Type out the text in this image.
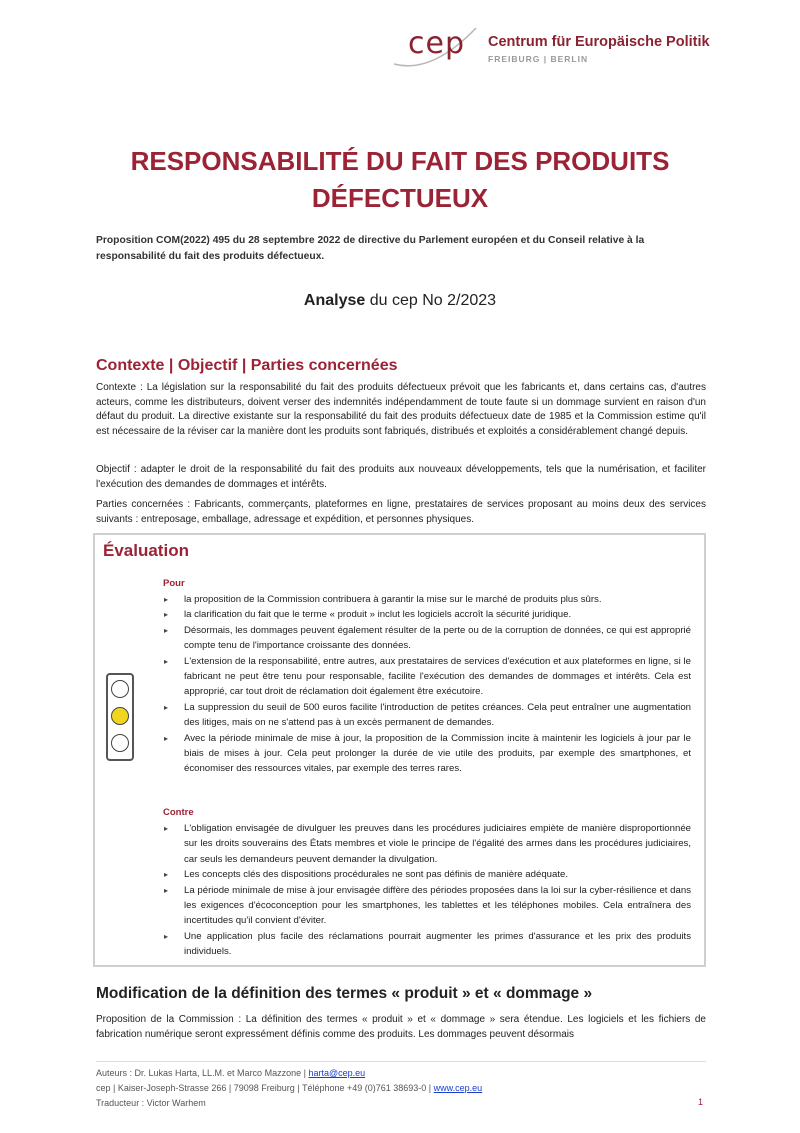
cep Centrum für Europäische Politik
FREIBURG | BERLIN
RESPONSABILITÉ DU FAIT DES PRODUITS
DÉFECTUEUX
Proposition COM(2022) 495 du 28 septembre 2022 de directive du Parlement européen et du Conseil relative à la responsabilité du fait des produits défectueux.
Analyse du cep No 2/2023
Contexte | Objectif | Parties concernées
Contexte : La législation sur la responsabilité du fait des produits défectueux prévoit que les fabricants et, dans certains cas, d'autres acteurs, comme les distributeurs, doivent verser des indemnités indépendamment de toute faute si un dommage survient en raison d'un défaut du produit. La directive existante sur la responsabilité du fait des produits défectueux date de 1985 et la Commission estime qu'il est nécessaire de la réviser car la manière dont les produits sont fabriqués, distribués et exploités a considérablement changé depuis.
Objectif : adapter le droit de la responsabilité du fait des produits aux nouveaux développements, tels que la numérisation, et faciliter l'exécution des demandes de dommages et intérêts.
Parties concernées : Fabricants, commerçants, plateformes en ligne, prestataires de services proposant au moins deux des services suivants : entreposage, emballage, adressage et expédition, et personnes physiques.
Évaluation
Pour
▸ la proposition de la Commission contribuera à garantir la mise sur le marché de produits plus sûrs.
▸ la clarification du fait que le terme « produit » inclut les logiciels accroît la sécurité juridique.
▸ Désormais, les dommages peuvent également résulter de la perte ou de la corruption de données, ce qui est approprié compte tenu de l'importance croissante des données.
▸ L'extension de la responsabilité, entre autres, aux prestataires de services d'exécution et aux plateformes en ligne, si le fabricant ne peut être tenu pour responsable, facilite l'exécution des demandes de dommages et intérêts. Cela est approprié, car tout droit de réclamation doit également être exécutoire.
▸ La suppression du seuil de 500 euros facilite l'introduction de petites créances. Cela peut entraîner une augmentation des litiges, mais on ne s'attend pas à un excès permanent de demandes.
▸ Avec la période minimale de mise à jour, la proposition de la Commission incite à maintenir les logiciels à jour par le biais de mises à jour. Cela peut prolonger la durée de vie utile des produits, par exemple des smartphones, et économiser des ressources vitales, par exemple des terres rares.
Contre
▸ L'obligation envisagée de divulguer les preuves dans les procédures judiciaires empiète de manière disproportionnée sur les droits souverains des États membres et viole le principe de l'égalité des armes dans les procédures judiciaires, car seuls les demandeurs peuvent demander la divulgation.
▸ Les concepts clés des dispositions procédurales ne sont pas définis de manière adéquate.
▸ La période minimale de mise à jour envisagée diffère des périodes proposées dans la loi sur la cyber-résilience et dans les exigences d'écoconception pour les smartphones, les tablettes et les téléphones mobiles. Cela entraînera des incertitudes qu'il convient d'éviter.
▸ Une application plus facile des réclamations pourrait augmenter les primes d'assurance et les prix des produits individuels.
Modification de la définition des termes « produit » et « dommage »
Proposition de la Commission : La définition des termes « produit » et « dommage » sera étendue. Les logiciels et les fichiers de fabrication numérique seront expressément définis comme des produits. Les dommages peuvent désormais
Auteurs : Dr. Lukas Harta, LL.M. et Marco Mazzone | harta@cep.eu
cep | Kaiser-Joseph-Strasse 266 | 79098 Freiburg | Téléphone +49 (0)761 38693-0 | www.cep.eu
Traducteur : Victor Warhem	1
